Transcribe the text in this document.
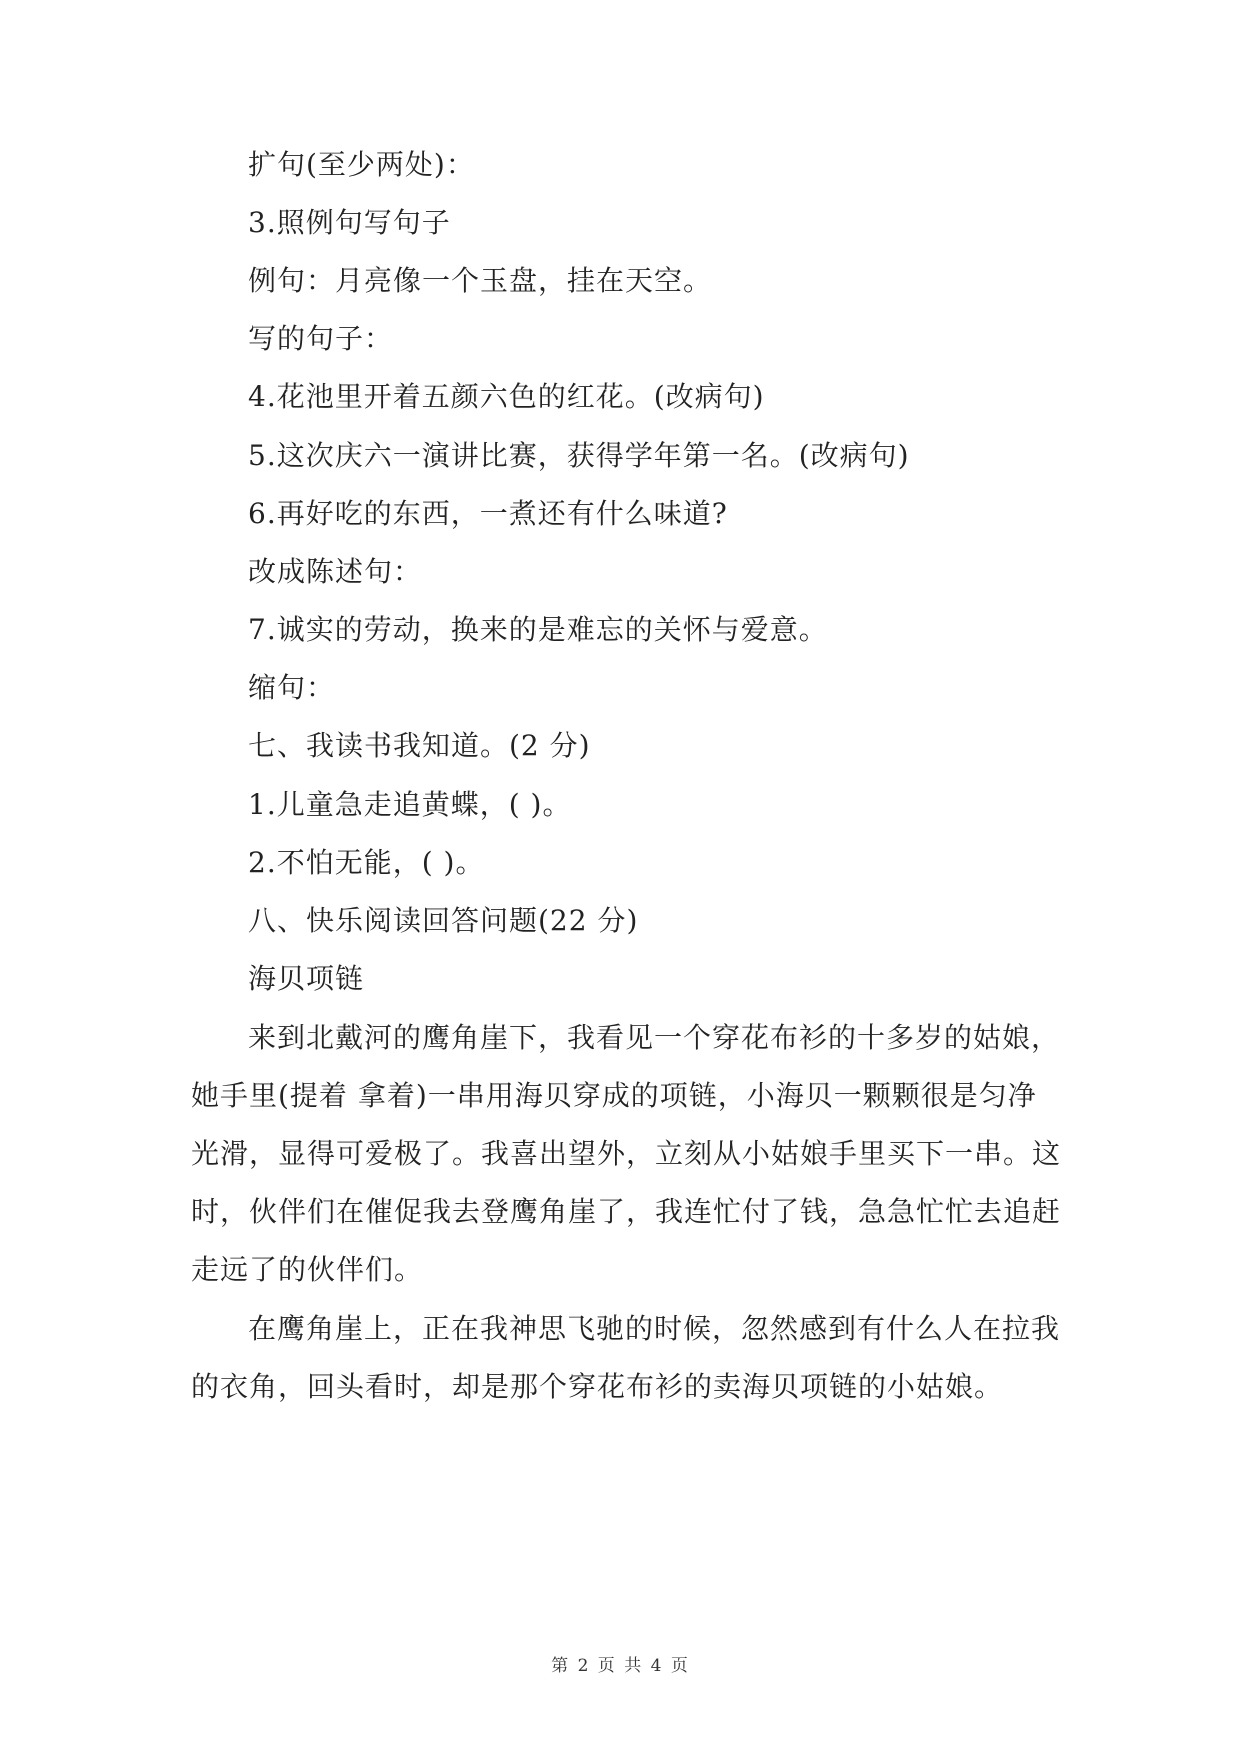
扩句(至少两处)：
3.照例句写句子
例句：月亮像一个玉盘，挂在天空。
写的句子：
4.花池里开着五颜六色的红花。(改病句)
5.这次庆六一演讲比赛，获得学年第一名。(改病句)
6.再好吃的东西，一煮还有什么味道?
改成陈述句：
7.诚实的劳动，换来的是难忘的关怀与爱意。
缩句：
七、我读书我知道。(2 分)
1.儿童急走追黄蝶，( )。
2.不怕无能，( )。
八、快乐阅读回答问题(22 分)
海贝项链
来到北戴河的鹰角崖下，我看见一个穿花布衫的十多岁的姑娘，
她手里(提着 拿着)一串用海贝穿成的项链，小海贝一颗颗很是匀净
光滑，显得可爱极了。我喜出望外，立刻从小姑娘手里买下一串。这
时，伙伴们在催促我去登鹰角崖了，我连忙付了钱，急急忙忙去追赶
走远了的伙伴们。
在鹰角崖上，正在我神思飞驰的时候，忽然感到有什么人在拉我
的衣角，回头看时，却是那个穿花布衫的卖海贝项链的小姑娘。
第 2 页 共 4 页
